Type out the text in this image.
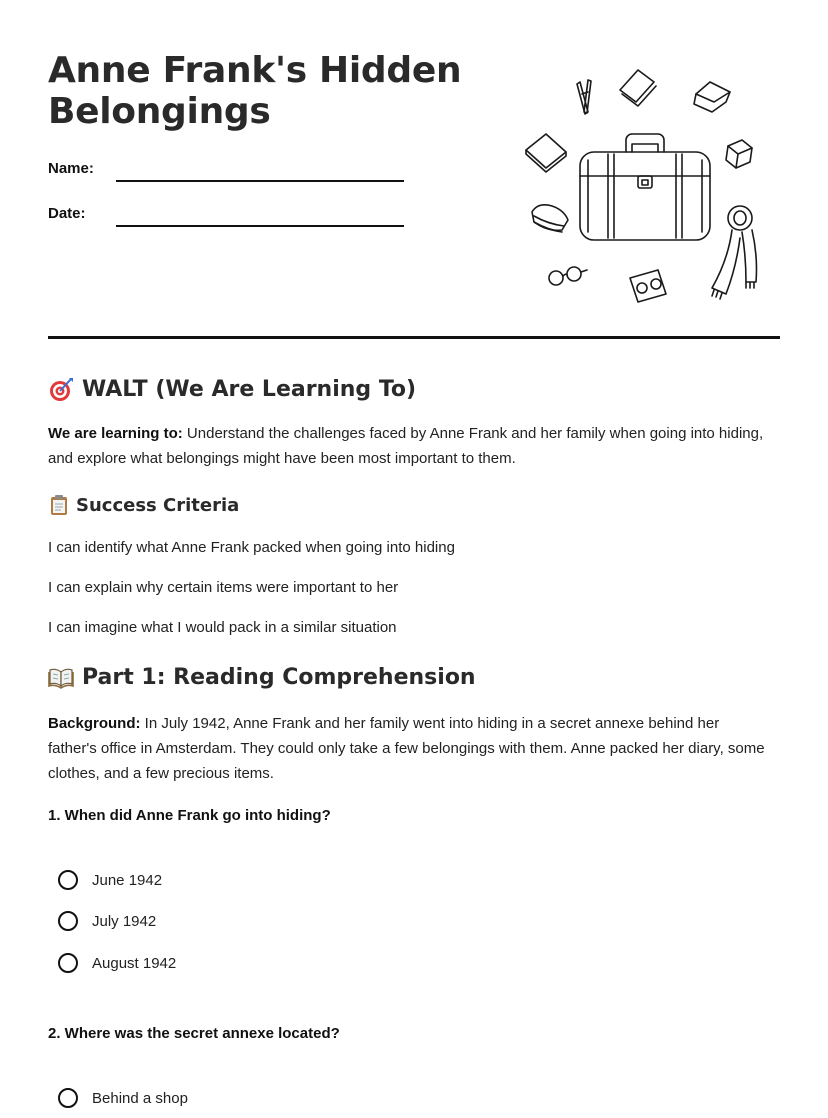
Anne Frank's Hidden Belongings
Name:
Date:
WALT (We Are Learning To)

We are learning to: Understand the challenges faced by Anne Frank and her family when going into hiding, and explore what belongings might have been most important to them.

Success Criteria

I can identify what Anne Frank packed when going into hiding

I can explain why certain items were important to her

I can imagine what I would pack in a similar situation

Part 1: Reading Comprehension

Background: In July 1942, Anne Frank and her family went into hiding in a secret annexe behind her father's office in Amsterdam. They could only take a few belongings with them. Anne packed her diary, some clothes, and a few precious items.

1. When did Anne Frank go into hiding?

June 1942
July 1942
August 1942

2. Where was the secret annexe located?

Behind a shop
